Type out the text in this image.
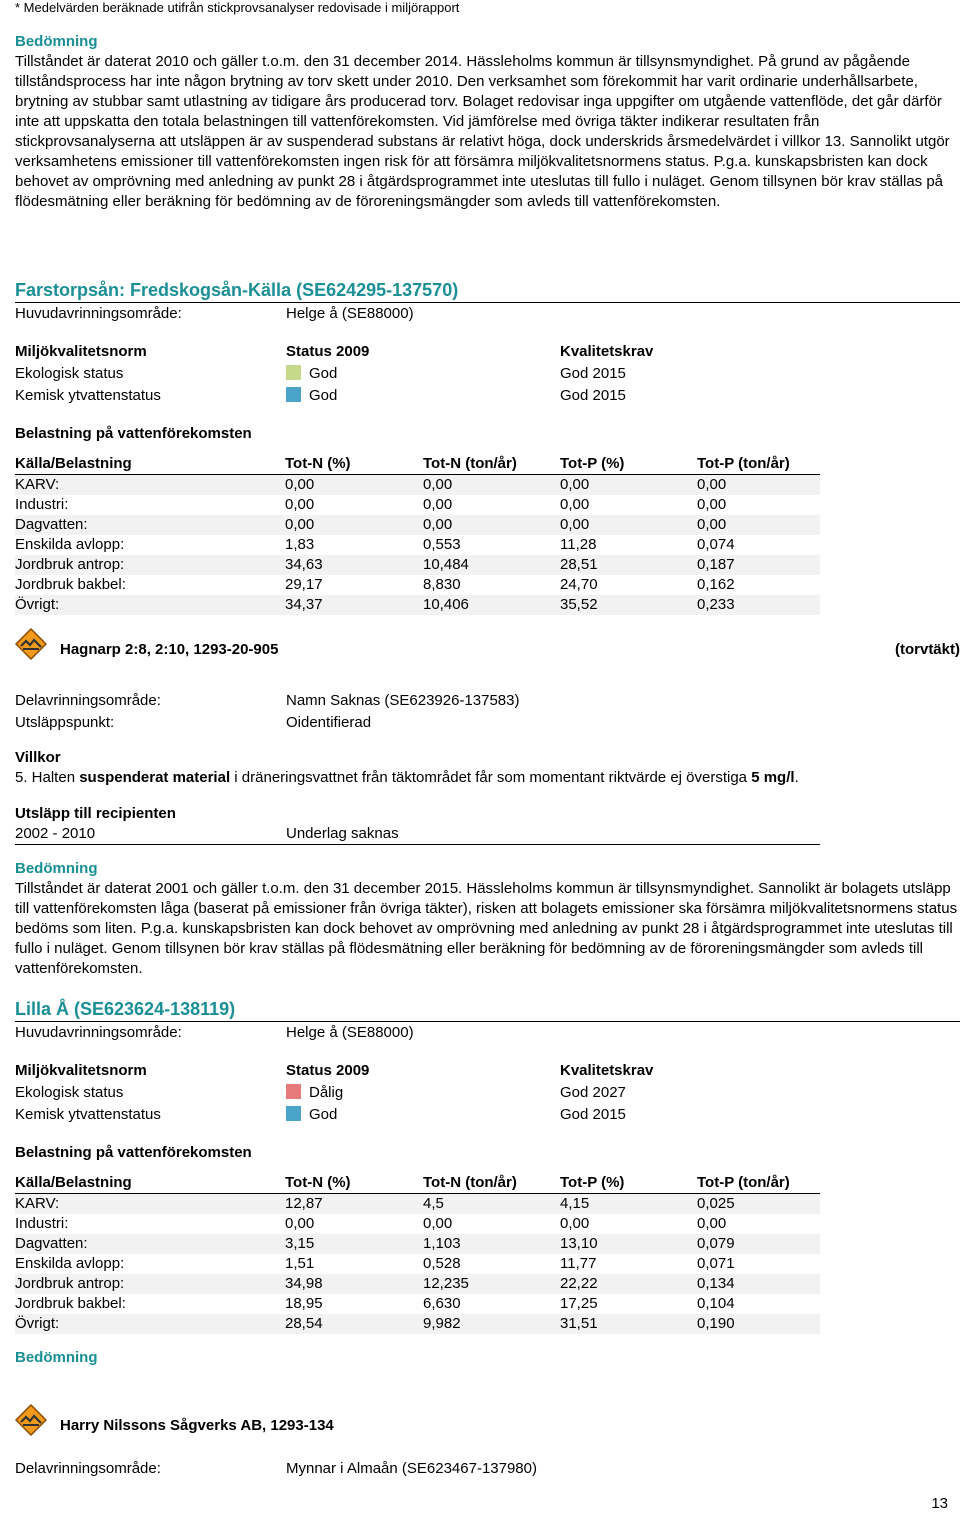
* Medelvärden beräknade utifrån stickprovsanalyser redovisade i miljörapport
Bedömning

Tillståndet är daterat 2010 och gäller t.o.m. den 31 december 2014. Hässleholms kommun är tillsynsmyndighet. På grund av pågående tillståndsprocess har inte någon brytning av torv skett under 2010. Den verksamhet som förekommit har varit ordinarie underhållsarbete, brytning av stubbar samt utlastning av tidigare års producerad torv. Bolaget redovisar inga uppgifter om utgående vattenflöde, det går därför inte att uppskatta den totala belastningen till vattenförekomsten. Vid jämförelse med övriga täkter indikerar resultaten från stickprovsanalyserna att utsläppen är av suspenderad substans är relativt höga, dock underskrids årsmedelvärdet i villkor 13. Sannolikt utgör verksamhetens emissioner till vattenförekomsten ingen risk för att försämra miljökvalitetsnormens status. P.g.a. kunskapsbristen kan dock behovet av omprövning med anledning av punkt 28 i åtgärdsprogrammet inte uteslutas till fullo i nuläget. Genom tillsynen bör krav ställas på flödesmätning eller beräkning för bedömning av de föroreningsmängder som avleds till vattenförekomsten.

Farstorpsån: Fredskogsån-Källa (SE624295-137570)
Huvudavrinningsområde:	Helge å (SE88000)
Miljökvalitetsnorm	Status 2009	Kvalitetskrav
Ekologisk status	God	God 2015
Kemisk ytvattenstatus	God	God 2015
Belastning på vattenförekomsten
Källa/Belastning	Tot-N (%)	Tot-N (ton/år)	Tot-P (%)	Tot-P (ton/år)
KARV:	0,00	0,00	0,00	0,00
Industri:	0,00	0,00	0,00	0,00
Dagvatten:	0,00	0,00	0,00	0,00
Enskilda avlopp:	1,83	0,553	11,28	0,074
Jordbruk antrop:	34,63	10,484	28,51	0,187
Jordbruk bakbel:	29,17	8,830	24,70	0,162
Övrigt:	34,37	10,406	35,52	0,233
Hagnarp 2:8, 2:10, 1293-20-905	(torvtäkt)
Delavrinningsområde:	Namn Saknas (SE623926-137583)
Utsläppspunkt:	Oidentifierad
Villkor
5. Halten suspenderat material i dräneringsvattnet från täktområdet får som momentant riktvärde ej överstiga 5 mg/l.
Utsläpp till recipienten
2002 - 2010	Underlag saknas
Bedömning

Tillståndet är daterat 2001 och gäller t.o.m. den 31 december 2015. Hässleholms kommun är tillsynsmyndighet. Sannolikt är bolagets utsläpp till vattenförekomsten låga (baserat på emissioner från övriga täkter), risken att bolagets emissioner ska försämra miljökvalitetsnormens status bedöms som liten. P.g.a. kunskapsbristen kan dock behovet av omprövning med anledning av punkt 28 i åtgärdsprogrammet inte uteslutas till fullo i nuläget. Genom tillsynen bör krav ställas på flödesmätning eller beräkning för bedömning av de föroreningsmängder som avleds till vattenförekomsten.

Lilla Å (SE623624-138119)
Huvudavrinningsområde:	Helge å (SE88000)
Miljökvalitetsnorm	Status 2009	Kvalitetskrav
Ekologisk status	Dålig	God 2027
Kemisk ytvattenstatus	God	God 2015
Belastning på vattenförekomsten
Källa/Belastning	Tot-N (%)	Tot-N (ton/år)	Tot-P (%)	Tot-P (ton/år)
KARV:	12,87	4,5	4,15	0,025
Industri:	0,00	0,00	0,00	0,00
Dagvatten:	3,15	1,103	13,10	0,079
Enskilda avlopp:	1,51	0,528	11,77	0,071
Jordbruk antrop:	34,98	12,235	22,22	0,134
Jordbruk bakbel:	18,95	6,630	17,25	0,104
Övrigt:	28,54	9,982	31,51	0,190
Bedömning
Harry Nilssons Sågverks AB, 1293-134
Delavrinningsområde:	Mynnar i Almaån (SE623467-137980)
13
